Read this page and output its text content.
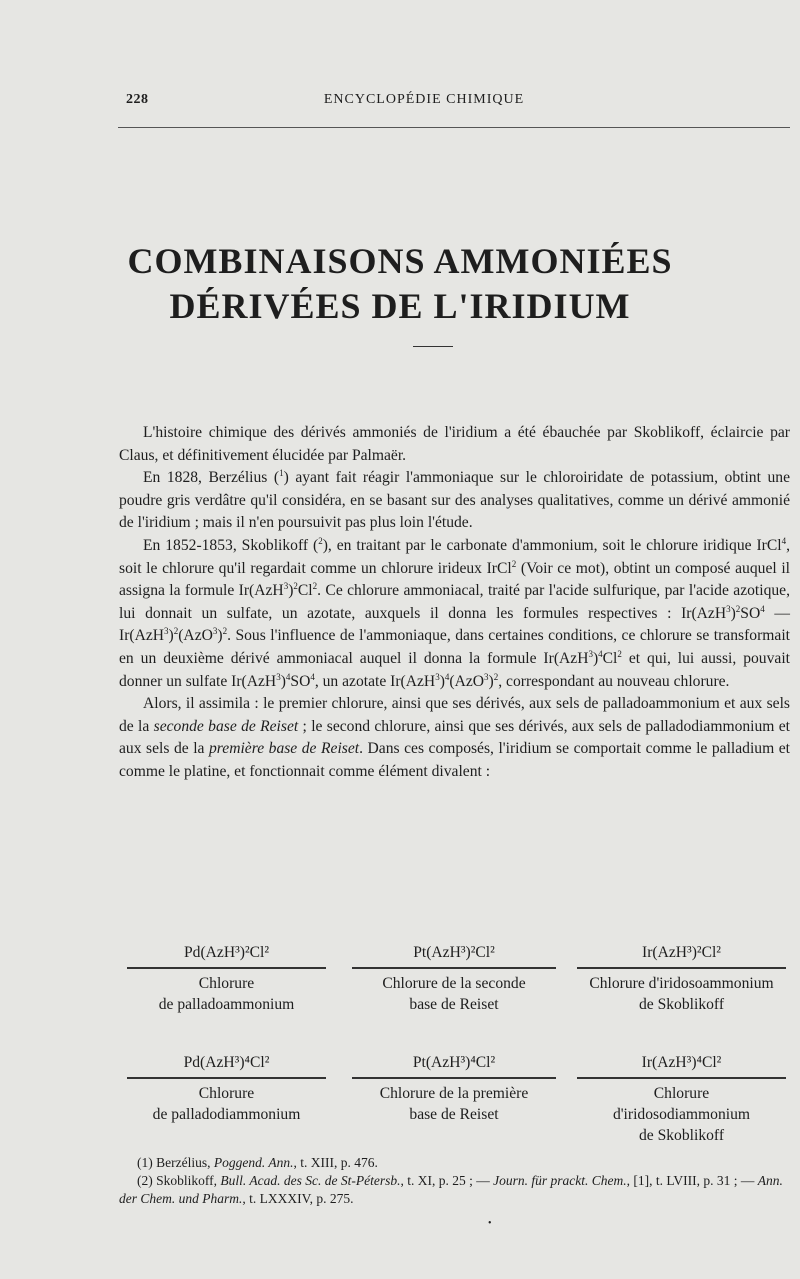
228	ENCYCLOPÉDIE CHIMIQUE
COMBINAISONS AMMONIÉES
DÉRIVÉES DE L'IRIDIUM

L'histoire chimique des dérivés ammoniés de l'iridium a été ébauchée par Skoblikoff, éclaircie par Claus, et définitivement élucidée par Palmaër.

En 1828, Berzélius ($^1$) ayant fait réagir l'ammoniaque sur le chloroiridate de potassium, obtint une poudre gris verdâtre qu'il considéra, en se basant sur des analyses qualitatives, comme un dérivé ammonié de l'iridium ; mais il n'en poursuivit pas plus loin l'étude.

En 1852-1853, Skoblikoff ($^2$), en traitant par le carbonate d'ammonium, soit le chlorure iridique IrCl$^4$, soit le chlorure qu'il regardait comme un chlorure irideux IrCl$^2$ (Voir ce mot), obtint un composé auquel il assigna la formule $Ir(AzH^3)^2Cl^2$. Ce chlorure ammoniacal, traité par l'acide sulfurique, par l'acide azotique, lui donnait un sulfate, un azotate, auxquels il donna les formules respectives : $Ir(AzH^3)^2SO^4$ — $Ir(AzH^3)^2(AzO^3)^2$. Sous l'influence de l'ammoniaque, dans certaines conditions, ce chlorure se transformait en un deuxième dérivé ammoniacal auquel il donna la formule $Ir(AzH^3)^4Cl^2$ et qui, lui aussi, pouvait donner un sulfate $Ir(AzH^3)^4SO^4$, un azotate $Ir(AzH^3)^4(AzO^3)^2$, correspondant au nouveau chlorure.

Alors, il assimila : le premier chlorure, ainsi que ses dérivés, aux sels de palladoammonium et aux sels de la seconde base de Reiset ; le second chlorure, ainsi que ses dérivés, aux sels de palladodiammonium et aux sels de la première base de Reiset. Dans ces composés, l'iridium se comportait comme le palladium et comme le platine, et fonctionnait comme élément divalent :

Pd(AzH³)²Cl²
Chlorure
de palladoammonium
Pt(AzH³)²Cl²
Chlorure de la seconde
base de Reiset
Ir(AzH³)²Cl²
Chlorure d'iridosoammonium
de Skoblikoff
Pd(AzH³)⁴Cl²
Chlorure
de palladodiammonium
Pt(AzH³)⁴Cl²
Chlorure de la première
base de Reiset
Ir(AzH³)⁴Cl²
Chlorure
d'iridosodiammonium
de Skoblikoff

(1) Berzélius, Poggend. Ann., t. XIII, p. 476.

(2) Skoblikoff, Bull. Acad. des Sc. de St-Pétersb., t. XI, p. 25 ; — Journ. für prackt. Chem., [1], t. LVIII, p. 31 ; — Ann. der Chem. und Pharm., t. LXXXIV, p. 275.

•
